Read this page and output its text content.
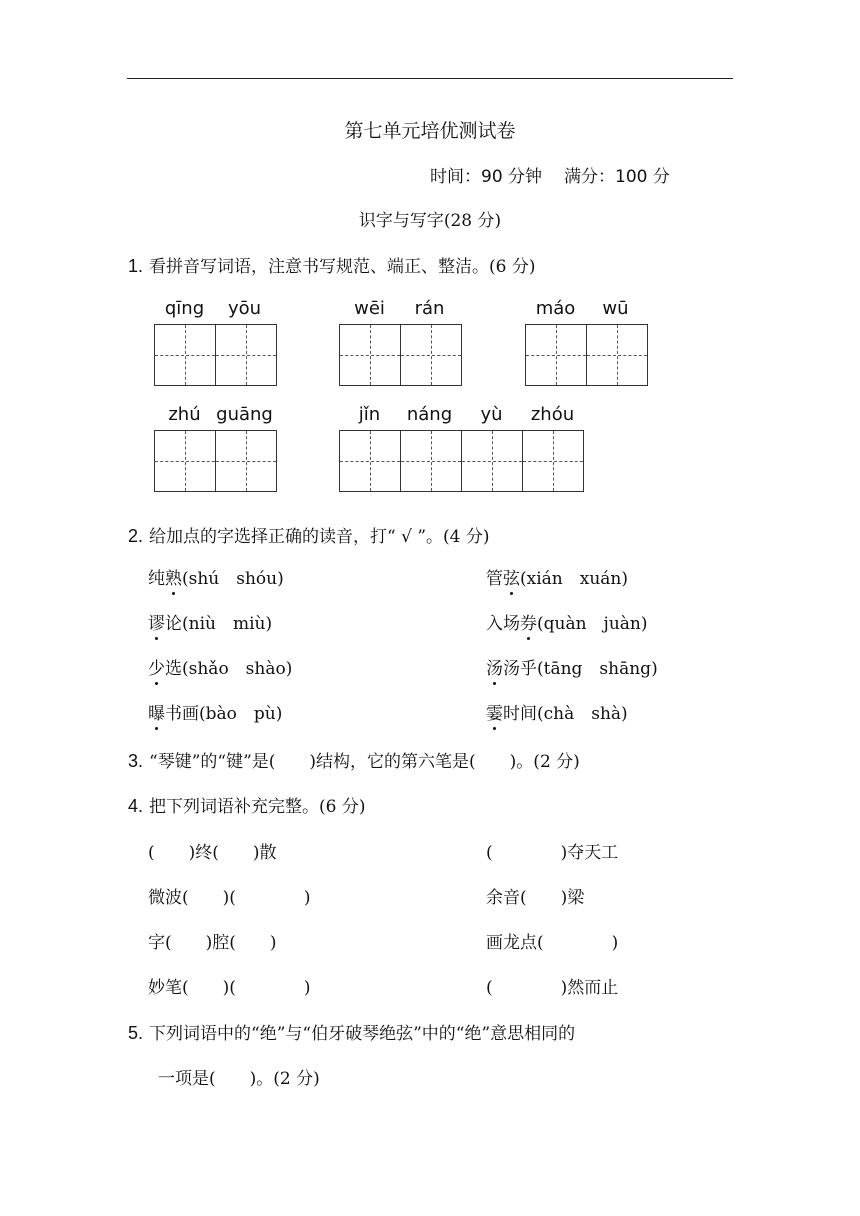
第七单元培优测试卷
时间：90 分钟 满分：100 分
识字与写字(28 分)
1. 看拼音写词语，注意书写规范、端正、整洁。(6 分)
qīng	yōu	wēi	rán	máo	wū
zhú guāng	jǐn	náng	yù	zhóu
2. 给加点的字选择正确的读音，打“ √ ”。(4 分)
纯熟(shú　shóu)	管弦(xián　xuán)
谬论(niù　miù)	入场券(quàn　juàn)
少选(shǎo　shào)	汤汤乎(tāng　shāng)
曝书画(bào　pù)	霎时间(chà　shà)
3. “琴键”的“键”是(　　)结构，它的第六笔是(　　)。(2 分)
4. 把下列词语补充完整。(6 分)
(　　)终(　　)散	(　　　　)夺天工
微波(　　)(　　　　)	余音(　　)梁
字(　　)腔(　　)	画龙点(　　　　)
妙笔(　　)(　　　　)	(　　　　)然而止
5. 下列词语中的“绝”与“伯牙破琴绝弦”中的“绝”意思相同的
一项是(　　)。(2 分)
